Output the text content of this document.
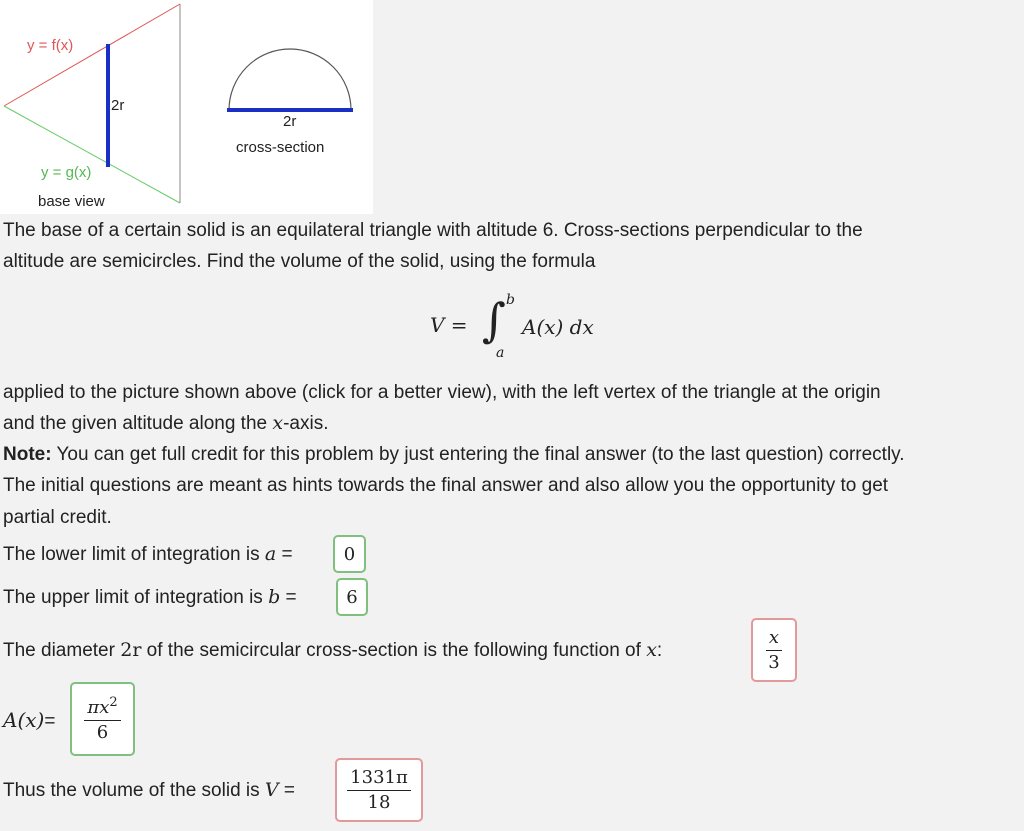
y = f(x)
2r
2r
cross-section
y = g(x)
base view
The base of a certain solid is an equilateral triangle with altitude 6. Cross-sections perpendicular to the
altitude are semicircles. Find the volume of the solid, using the formula
V = ∫ b
a
A(x) dx
applied to the picture shown above (click for a better view), with the left vertex of the triangle at the origin
and the given altitude along the x-axis.
Note: You can get full credit for this problem by just entering the final answer (to the last question) correctly.
The initial questions are meant as hints towards the final answer and also allow you the opportunity to get
partial credit.
The lower limit of integration is a =	0
The upper limit of integration is b =	6
The diameter 2r of the semicircular cross-section is the following function of x:	$\frac{x}{3}$
$A(x)= \frac{\pi x^2}{6}$
Thus the volume of the solid is V =	$\frac{1331\pi}{18}$
